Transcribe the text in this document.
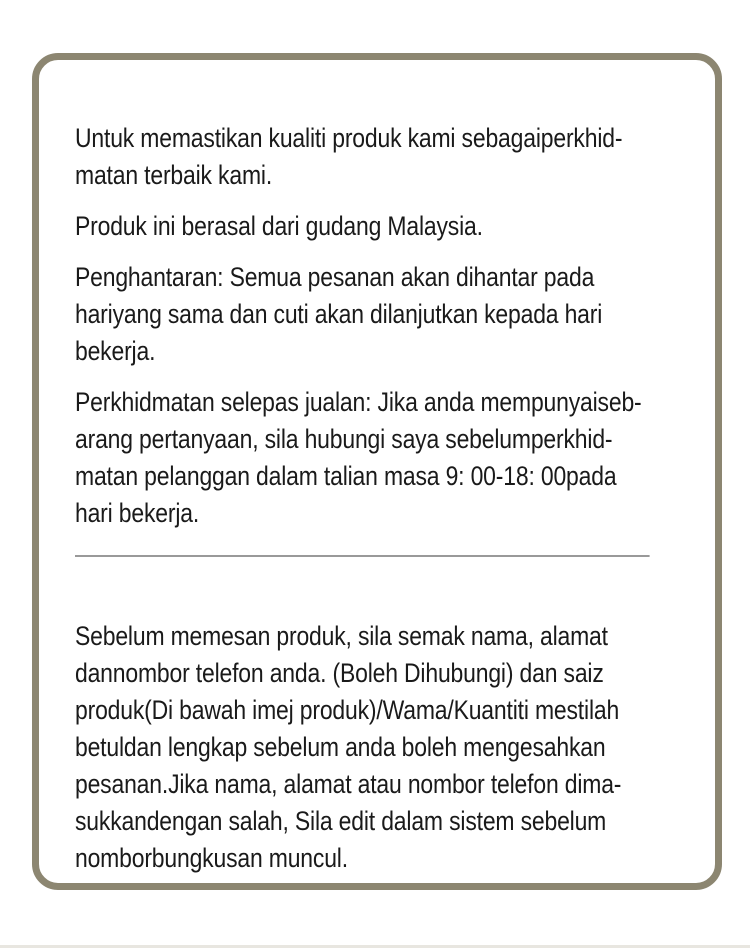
Untuk memastikan kualiti produk kami sebagaiperkhid-
matan terbaik kami.
Produk ini berasal dari gudang Malaysia.
Penghantaran: Semua pesanan akan dihantar pada
hariyang sama dan cuti akan dilanjutkan kepada hari
bekerja.
Perkhidmatan selepas jualan: Jika anda mempunyaiseb-
arang pertanyaan, sila hubungi saya sebelumperkhid-
matan pelanggan dalam talian masa 9: 00-18: 00pada
hari bekerja.
Sebelum memesan produk, sila semak nama, alamat
dannombor telefon anda. (Boleh Dihubungi) dan saiz
produk(Di bawah imej produk)/Wama/Kuantiti mestilah
betuldan lengkap sebelum anda boleh mengesahkan
pesanan.Jika nama, alamat atau nombor telefon dima-
sukkandengan salah, Sila edit dalam sistem sebelum
nomborbungkusan muncul.
